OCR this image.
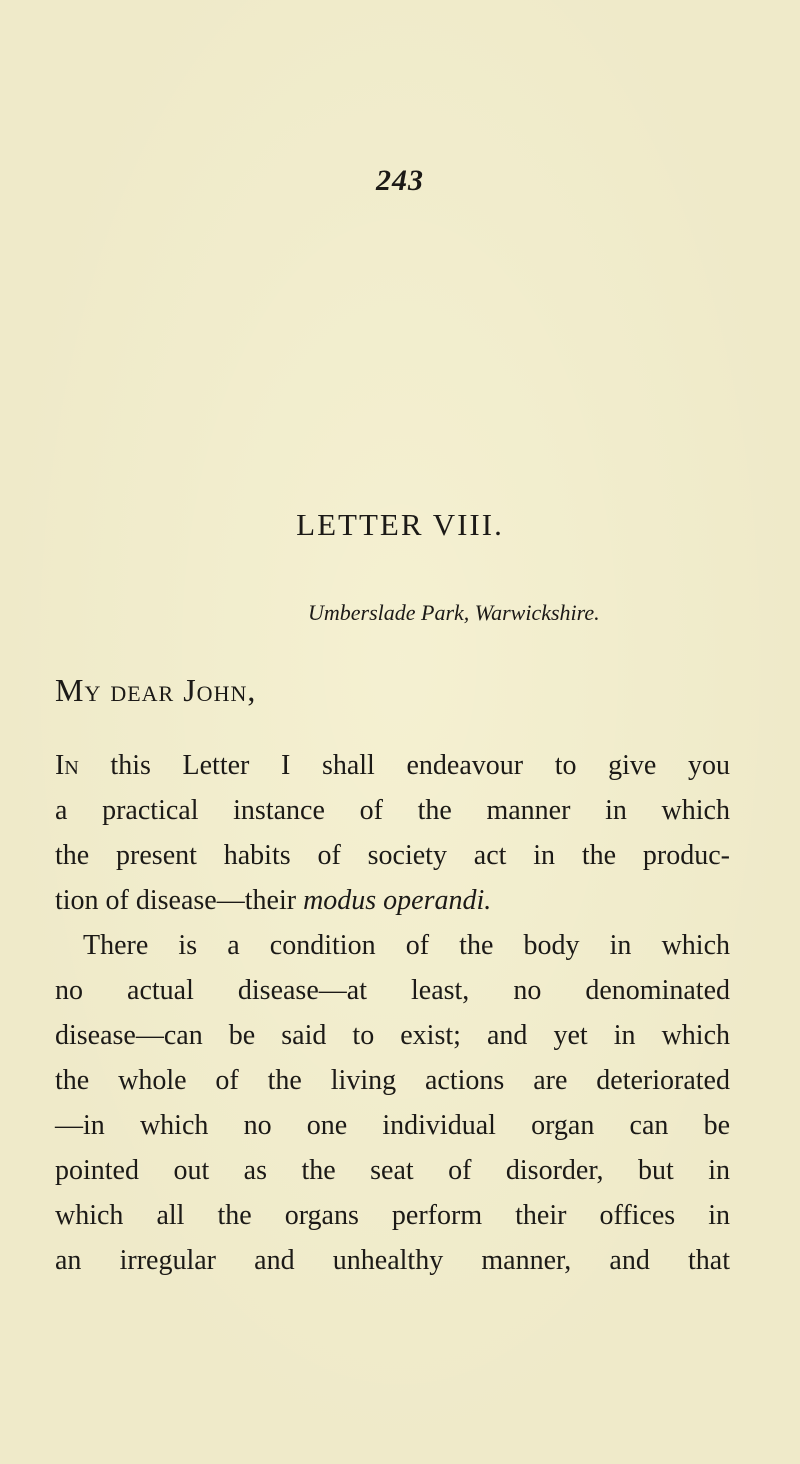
243
LETTER VIII.
Umberslade Park, Warwickshire.
My dear John,
In this Letter I shall endeavour to give you
a practical instance of the manner in which
the present habits of society act in the produc-
tion of disease—their modus operandi.
There is a condition of the body in which
no actual disease—at least, no denominated
disease—can be said to exist; and yet in which
the whole of the living actions are deteriorated
—in which no one individual organ can be
pointed out as the seat of disorder, but in
which all the organs perform their offices in
an irregular and unhealthy manner, and that
